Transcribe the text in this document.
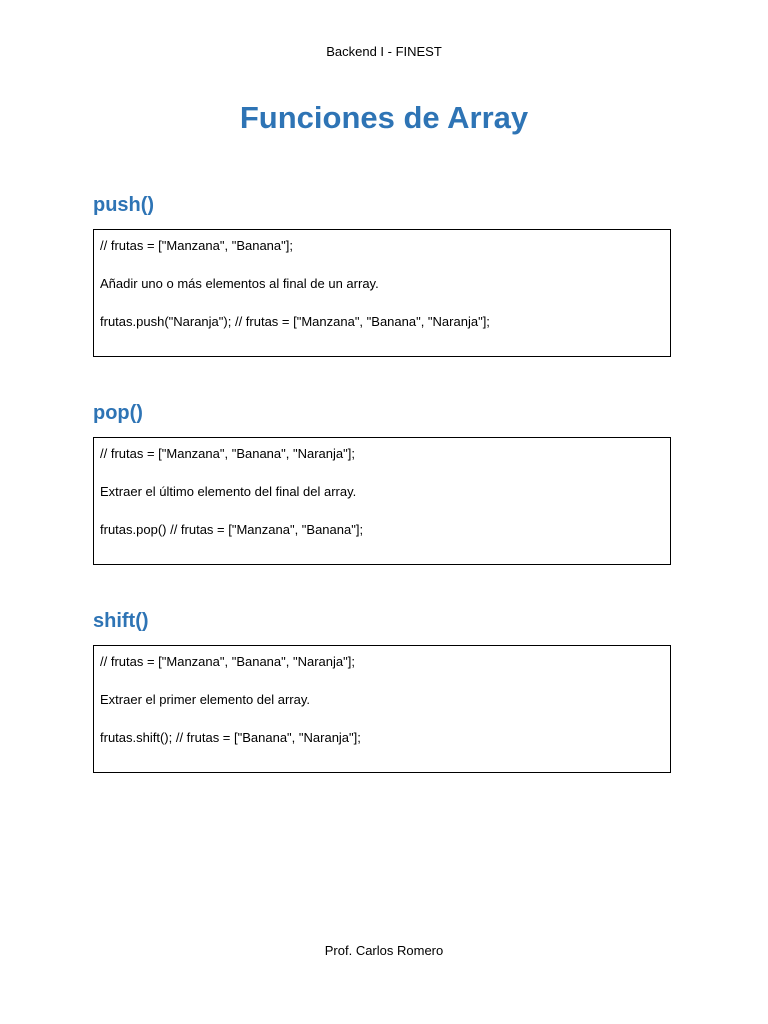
Backend I - FINEST
Funciones de Array
push()

// frutas = ["Manzana", "Banana"];

Añadir uno o más elementos al final de un array.

frutas.push("Naranja"); // frutas = ["Manzana", "Banana", "Naranja"];

pop()

// frutas = ["Manzana", "Banana", "Naranja"];

Extraer el último elemento del final del array.

frutas.pop() // frutas = ["Manzana", "Banana"];

shift()

// frutas = ["Manzana", "Banana", "Naranja"];

Extraer el primer elemento del array.

frutas.shift(); // frutas = ["Banana", "Naranja"];

Prof. Carlos Romero
